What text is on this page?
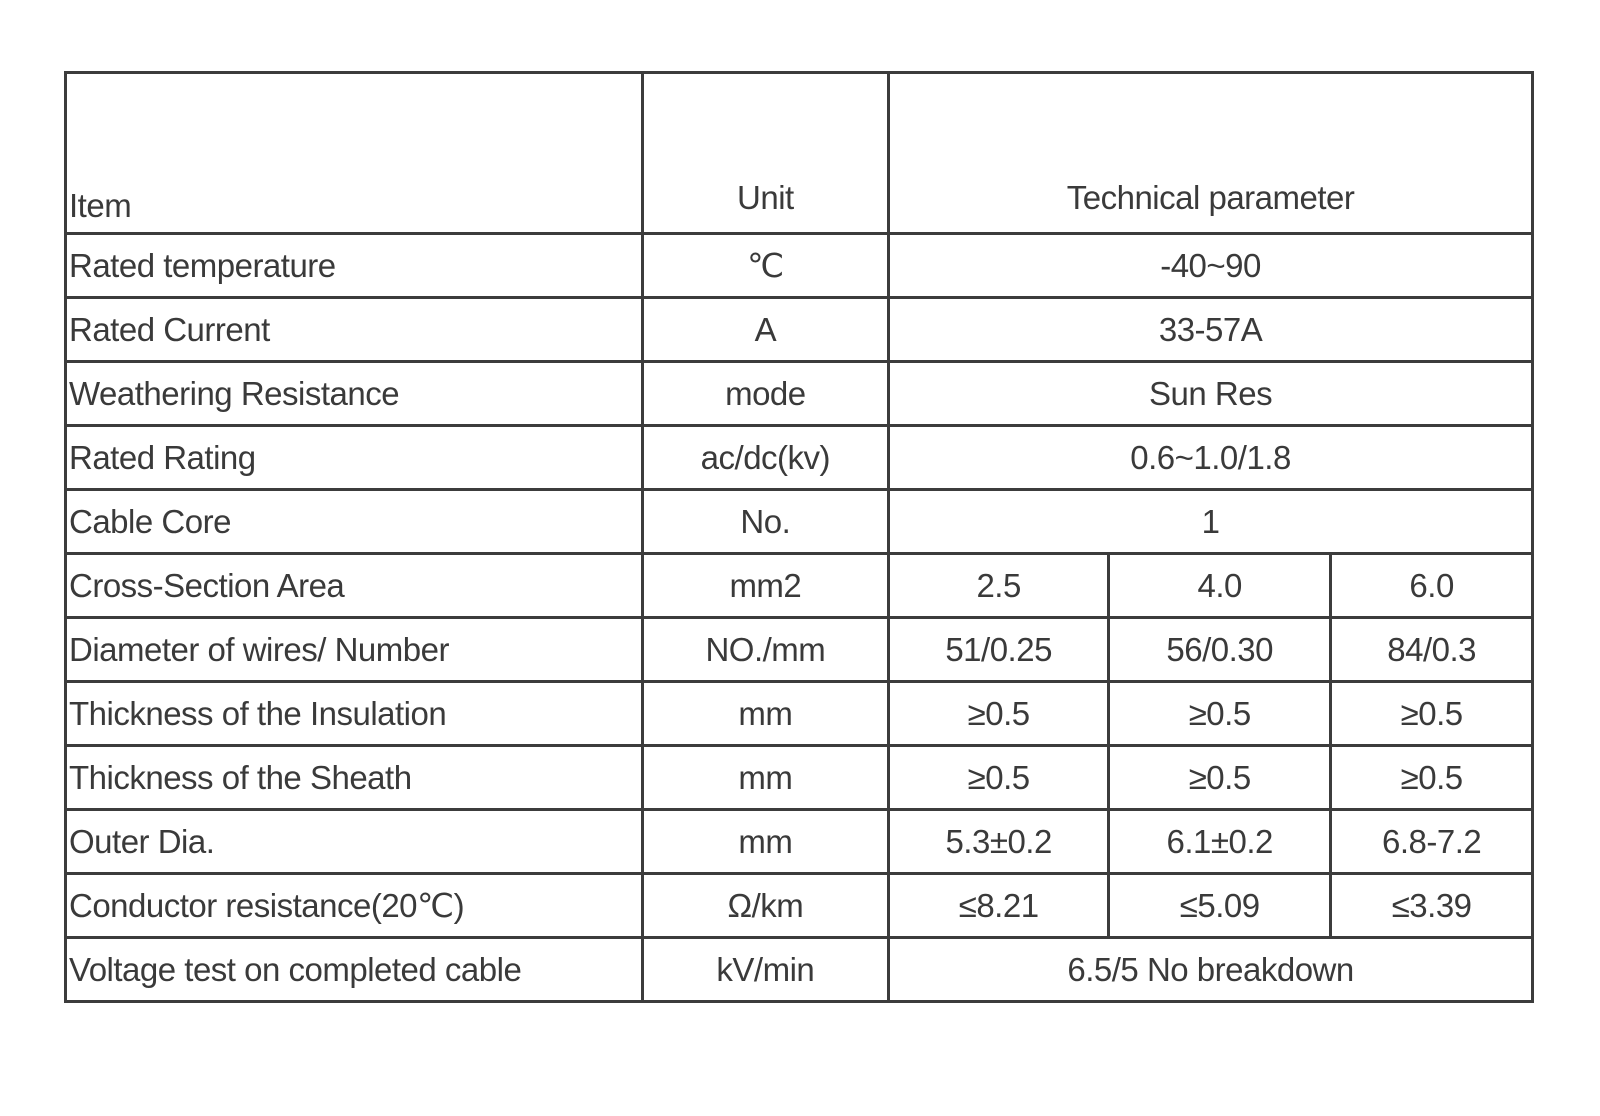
Item	Unit	Technical parameter		
Rated temperature	℃	-40~90		
Rated Current	A	33-57A		
Weathering Resistance	mode	Sun Res		
Rated Rating	ac/dc(kv)	0.6~1.0/1.8		
Cable Core	No.	1		
Cross-Section Area	mm2	2.5	4.0	6.0
Diameter of wires/ Number	NO./mm	51/0.25	56/0.30	84/0.3
Thickness of the Insulation	mm	≥0.5	≥0.5	≥0.5
Thickness of the Sheath	mm	≥0.5	≥0.5	≥0.5
Outer Dia.	mm	5.3±0.2	6.1±0.2	6.8-7.2
Conductor resistance(20℃)	Ω/km	≤8.21	≤5.09	≤3.39
Voltage test on completed cable	kV/min	6.5/5 No breakdown		
